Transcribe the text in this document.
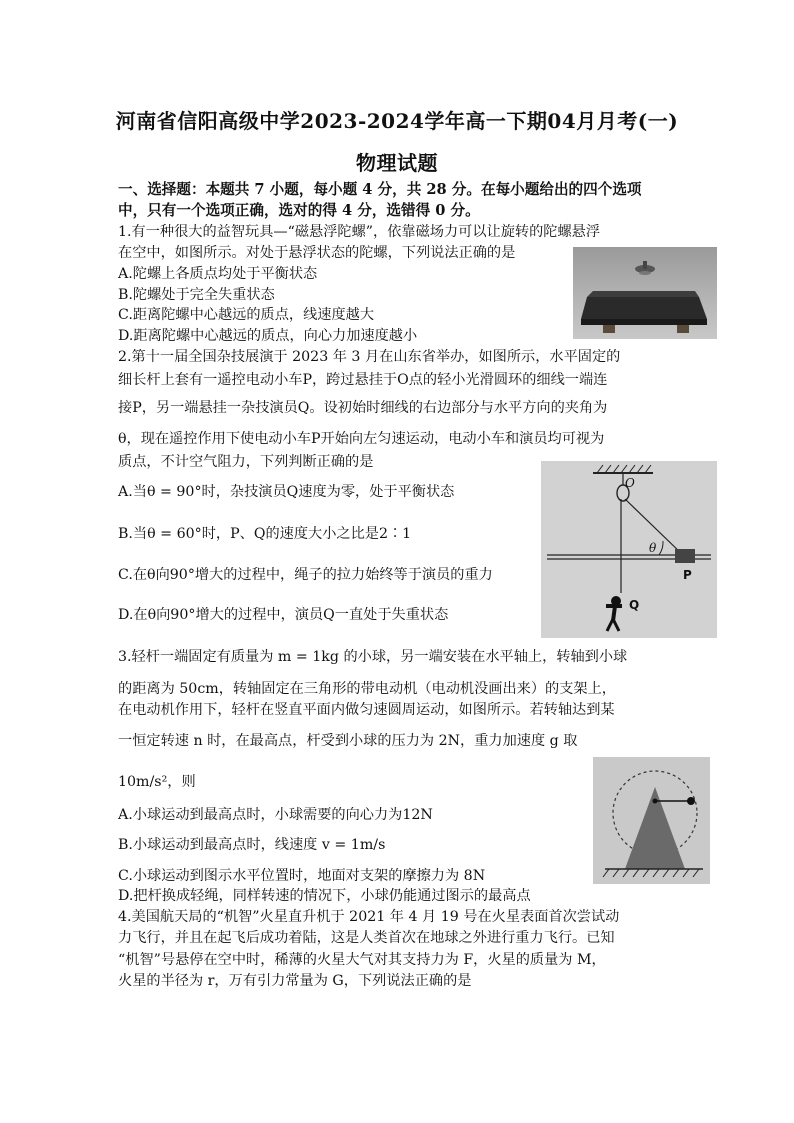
河南省信阳高级中学2023-2024学年高一下期04月月考(一)
物理试题
一、选择题：本题共 7 小题，每小题 4 分，共 28 分。在每小题给出的四个选项
中，只有一个选项正确，选对的得 4 分，选错得 0 分。
1.有一种很大的益智玩具—“磁悬浮陀螺”，依靠磁场力可以让旋转的陀螺悬浮
在空中，如图所示。对处于悬浮状态的陀螺，下列说法正确的是
A.陀螺上各质点均处于平衡状态
B.陀螺处于完全失重状态
C.距离陀螺中心越远的质点，线速度越大
D.距离陀螺中心越远的质点，向心力加速度越小
2.第十一届全国杂技展演于 2023 年 3 月在山东省举办，如图所示，水平固定的
细长杆上套有一遥控电动小车P，跨过悬挂于O点的轻小光滑圆环的细线一端连
接P，另一端悬挂一杂技演员Q。设初始时细线的右边部分与水平方向的夹角为
θ，现在遥控作用下使电动小车P开始向左匀速运动，电动小车和演员均可视为
质点，不计空气阻力，下列判断正确的是
A.当θ = 90°时，杂技演员Q速度为零，处于平衡状态
B.当θ = 60°时，P、Q的速度大小之比是2∶1
C.在θ向90°增大的过程中，绳子的拉力始终等于演员的重力
D.在θ向90°增大的过程中，演员Q一直处于失重状态
O
θ
P
Q
3.轻杆一端固定有质量为 m = 1kg 的小球，另一端安装在水平轴上，转轴到小球
的距离为 50cm，转轴固定在三角形的带电动机（电动机没画出来）的支架上，
在电动机作用下，轻杆在竖直平面内做匀速圆周运动，如图所示。若转轴达到某
一恒定转速 n 时，在最高点，杆受到小球的压力为 2N，重力加速度 g 取
10m/s²，则
A.小球运动到最高点时，小球需要的向心力为12N
B.小球运动到最高点时，线速度 v = 1m/s
C.小球运动到图示水平位置时，地面对支架的摩擦力为 8N
D.把杆换成轻绳，同样转速的情况下，小球仍能通过图示的最高点
4.美国航天局的“机智”火星直升机于 2021 年 4 月 19 号在火星表面首次尝试动
力飞行，并且在起飞后成功着陆，这是人类首次在地球之外进行重力飞行。已知
“机智”号悬停在空中时，稀薄的火星大气对其支持力为 F，火星的质量为 M，
火星的半径为 r，万有引力常量为 G，下列说法正确的是
